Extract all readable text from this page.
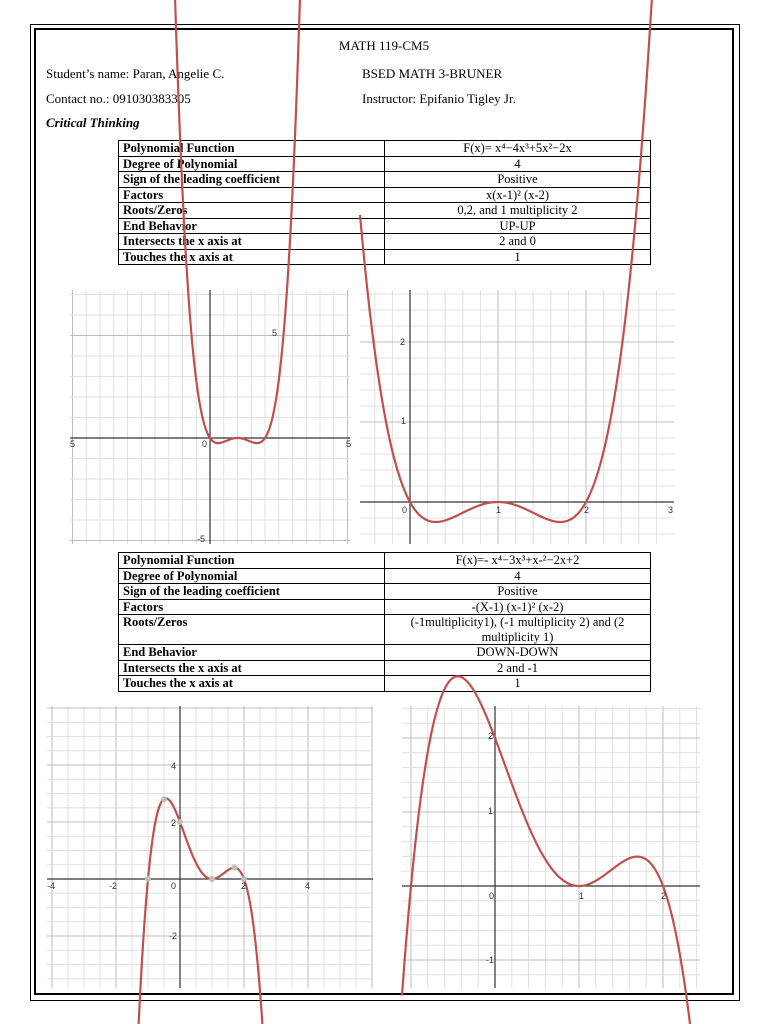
MATH 119-CM5
Student’s name: Paran, Angelie C.	BSED MATH 3-BRUNER
Contact no.: 091030383305	Instructor: Epifanio Tigley Jr.
Critical Thinking
Polynomial Function	F(x)= x⁴−4x³+5x²−2x
Degree of Polynomial	4
Sign of the leading coefficient	Positive
Factors	x(x-1)² (x-2)
Roots/Zeros	0,2, and 1 multiplicity 2
End Behavior	UP-UP
Intersects the x axis at	2 and 0
Touches the x axis at	1
5
-5
0
5	5
2
1
0	1	2	3
Polynomial Function	F(x)=- x⁴−3x³+x-²−2x+2
Degree of Polynomial	4
Sign of the leading coefficient	Positive
Factors	-(X-1) (x-1)² (x-2)
Roots/Zeros	(-1multiplicity1), (-1 multiplicity 2) and (2 multiplicity 1)
End Behavior	DOWN-DOWN
Intersects the x axis at	2 and -1
Touches the x axis at	1
4
2
-2
-4	-2	0	2	4
2
1
-1
0	1	2
